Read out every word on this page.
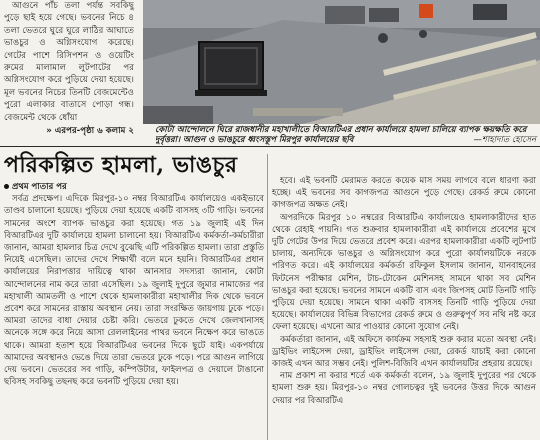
আগুনে পাঁচ তলা পর্যন্ত সবকিছু পুড়ে ছাই হয়ে গেছে। ভবনের নিচে ৪ তলা ভেতরে ঘুরে ঘুরে লাঠির আঘাতে ভাঙচুর ও অগ্নিসংযোগ করেছে। গেটের পাশে রিসিপশন ও ওয়েটিং রুমের মালামাল লুটপাটের পর অগ্নিসংযোগ করে পুড়িয়ে দেয়া হয়েছে। মূল ভবনের নিচের তিনটি বেজমেন্টেও পুরো এলাকার বাতাসে পোড়া গন্ধ। বেজমেন্ট থেকে ধোঁয়া

» এরপর-পৃষ্ঠা ৬ কলাম ২	কোটা আন্দোলনে ঘিরে রাজধানীর মহাখালীতে বিআরটিএর প্রধান কার্যালয়ে হামলা চালিয়ে ব্যাপক ক্ষয়ক্ষতি করে দুর্বৃত্তরা। আগুন ও ভাঙচুরে ধ্বংসস্তূপ মিরপুর কার্যালয়ের ছবি	—শাহাদাত হোসেন
পরিকল্পিত হামলা, ভাঙচুর

প্রথম পাতার পর

সর্বত্র প্রদক্ষেপ। এদিকে মিরপুর-১০ নম্বর বিআরটিএ কার্যালয়েও একইভাবে তাণ্ডব চালানো হয়েছে। পুড়িয়ে দেয়া হয়েছে একটি বাসসহ ৩টি গাড়ি। ভবনের সামনের অংশে ব্যাপক ভাঙচুর করা হয়েছে। গত ১৯ জুলাই এই দিন বিআরটিএর দুটি কার্যালয়ে হামলা চালানো হয়। বিআরটিএ কর্মকর্তা-কর্মচারীরা জানান, আমরা হামলার চিত্র দেখে বুঝেছি এটি পরিকল্পিত হামলা। তারা প্রস্তুতি নিয়েই এসেছিল। তাদের দেখে শিক্ষার্থী বলে মনে হয়নি। বিআরটিএর প্রধান কার্যালয়ের নিরাপত্তার দায়িত্বে থাকা আনসার সদস্যরা জানান, কোটা আন্দোলনের নাম করে তারা এসেছিল। ১৯ জুলাই দুপুরে জুমার নামাজের পর মহাখালী আমতলী ও পাশে থেকে হামলাকারীরা মহাখালীর দিক থেকে ভবনে প্রবেশ করে সামনের রাস্তায় অবস্থান নেয়। তারা সংরক্ষিত জায়গায় ঢুকে পড়ে। আমরা তাদের বাধা দেয়ার চেষ্টা করি। ভেতরে ঢুকতে দেখে জেলখানাসহ অনেকে সঙ্গে করে নিয়ে আসা রেললাইনের পাথর ভবনে নিক্ষেপ করে ভাঙতে থাকে। আমরা হতাশ হয়ে বিআরটিএর ভবনের দিকে ছুটে যাই। একপর্যায়ে আমাদের অবস্থানও ভেঙে দিয়ে তারা ভেতরে ঢুকে পড়ে। পরে আগুন লাগিয়ে দেয় ভবনে। ভেতরের সব গাড়ি, কম্পিউটার, ফাইলপত্র ও দেয়ালে টাঙানো ছবিসহ সবকিছু তছনছ করে ভবনটি পুড়িয়ে দেয়া হয়।

হবে। এই ভবনটি মেরামত করতে কয়েক মাস সময় লাগবে বলে ধারণা করা হচ্ছে। এই ভবনের সব কাগজপত্র আগুনে পুড়ে গেছে। রেকর্ড রুমে কোনো কাগজপত্র অক্ষত নেই।

অপরদিকে মিরপুর ১০ নম্বরের বিআরটিএ কার্যালয়েও হামলাকারীদের হাত থেকে রেহাই পায়নি। গত শুক্রবার হামলাকারীরা এই কার্যালয়ে প্রবেশের মুখে দুটি গেটের উপর দিয়ে ভেতরে প্রবেশ করে। এরপর হামলাকারীরা একটি লুটপাট চালায়, অন্যদিকে ভাঙচুর ও অগ্নিসংযোগ করে পুরো কার্যালয়টিকে নরকে পরিণত করে। এই কার্যালয়ের কর্মকর্তা রফিকুল ইসলাম জানান, যানবাহনের ফিটনেস পরীক্ষার মেশিন, টাচ-টোকেন মেশিনসহ সামনে থাকা সব মেশিন ভাঙচুর করা হয়েছে। ভবনের সামনে একটি বাস এবং জিপসহ মোট তিনটি গাড়ি পুড়িয়ে দেয়া হয়েছে। সামনে থাকা একটি বাসসহ তিনটি গাড়ি পুড়িয়ে দেয়া হয়েছে। কার্যালয়ের বিভিন্ন বিভাগের রেকর্ড রুমে ও গুরুত্বপূর্ণ সব নথি নষ্ট করে ফেলা হয়েছে। এখনো আর পাওয়ার কোনো সুযোগ নেই।

কর্মকর্তারা জানান, এই অফিসে কার্যক্রম সহসাই শুরু করার মতো অবস্থা নেই। ড্রাইভিং লাইসেন্স দেয়া, ড্রাইভিং লাইসেন্স দেয়া, রেকর্ড যাচাই করা কোনো কাজই এখন আর সম্ভব নেই। পুলিশ-বিজিবি এখন কার্যালয়টির প্রহরায় রয়েছে।

নাম প্রকাশ না করার শর্তে এক কর্মকর্তা বলেন, ১৯ জুলাই দুপুরের পর থেকে হামলা শুরু হয়। মিরপুর-১০ নম্বর গোলচত্বর দুই ভবনের উত্তর দিকে আগুন দেয়ার পর বিআরটিএ
